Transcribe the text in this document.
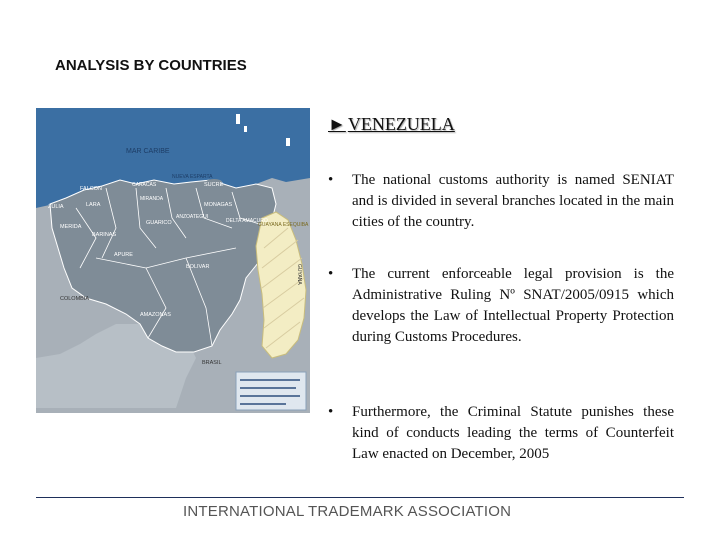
ANALYSIS BY COUNTRIES
MAR CARIBE
NUEVA ESPARTA
FALCON
CARACAS	SUCRE
ZULIA	LARA
MIRANDA
MONAGAS
MERIDA
BARINAS
GUARICO
ANZOATEGUI
DELTA AMACURO
APURE
BOLIVAR
AMAZONAS
GUAYANA ESEQUIBA
COLOMBIA
GUYANA
BRASIL
► VENEZUELA
•	The national customs authority is named SENIAT and is divided in several branches located in the main cities of the country.
•	The current enforceable legal provision is the Administrative Ruling Nº SNAT/2005/0915 which develops the Law of Intellectual Property Protection during Customs Procedures.
•	Furthermore, the Criminal Statute punishes these kind of conducts leading the terms of Counterfeit Law enacted on December, 2005
INTERNATIONAL TRADEMARK ASSOCIATION
